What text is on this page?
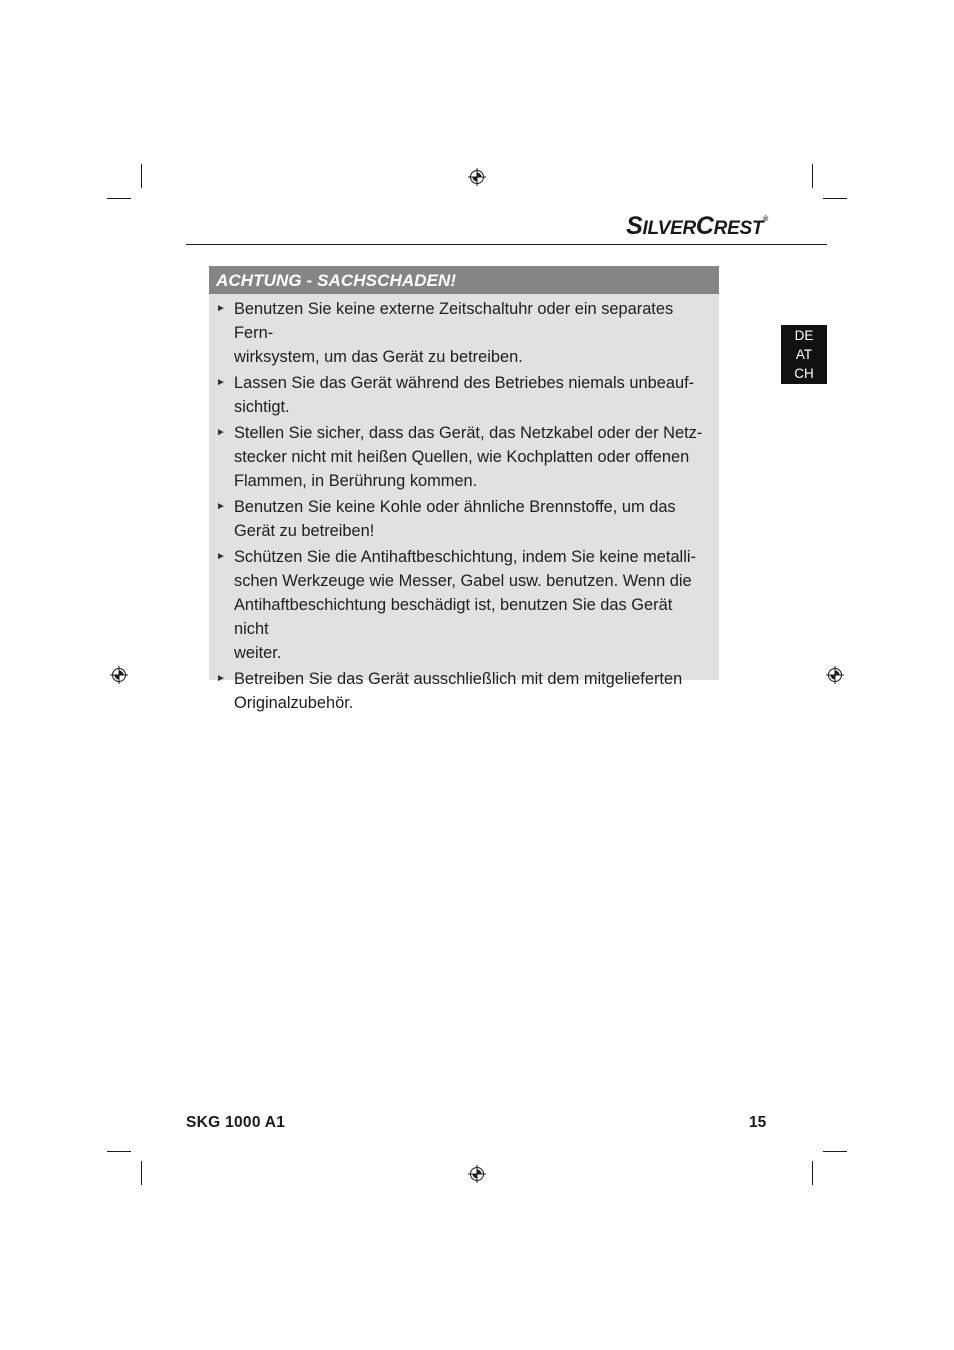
SILVERCREST®
DE
AT
CH
ACHTUNG - SACHSCHADEN!
► Benutzen Sie keine externe Zeitschaltuhr oder ein separates Fern-
wirksystem, um das Gerät zu betreiben.
► Lassen Sie das Gerät während des Betriebes niemals unbeauf-
sichtigt.
► Stellen Sie sicher, dass das Gerät, das Netzkabel oder der Netz-
stecker nicht mit heißen Quellen, wie Kochplatten oder offenen
Flammen, in Berührung kommen.
► Benutzen Sie keine Kohle oder ähnliche Brennstoffe, um das
Gerät zu betreiben!
► Schützen Sie die Antihaftbeschichtung, indem Sie keine metalli-
schen Werkzeuge wie Messer, Gabel usw. benutzen. Wenn die
Antihaftbeschichtung beschädigt ist, benutzen Sie das Gerät nicht
weiter.
► Betreiben Sie das Gerät ausschließlich mit dem mitgelieferten
Originalzubehör.
SKG 1000 A1	15
